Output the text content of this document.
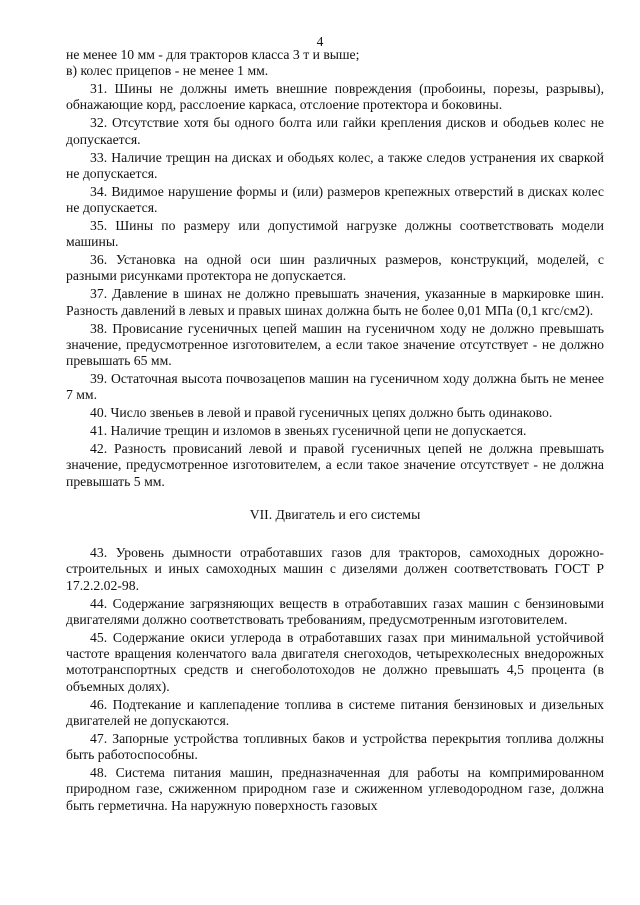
4

не менее 10 мм - для тракторов класса 3 т и выше;

в) колес прицепов - не менее 1 мм.

31. Шины не должны иметь внешние повреждения (пробоины, порезы, разрывы), обнажающие корд, расслоение каркаса, отслоение протектора и боковины.

32. Отсутствие хотя бы одного болта или гайки крепления дисков и ободьев колес не допускается.

33. Наличие трещин на дисках и ободьях колес, а также следов устранения их сваркой не допускается.

34. Видимое нарушение формы и (или) размеров крепежных отверстий в дисках колес не допускается.

35. Шины по размеру или допустимой нагрузке должны соответствовать модели машины.

36. Установка на одной оси шин различных размеров, конструкций, моделей, с разными рисунками протектора не допускается.

37. Давление в шинах не должно превышать значения, указанные в маркировке шин. Разность давлений в левых и правых шинах должна быть не более 0,01 МПа (0,1 кгс/см2).

38. Провисание гусеничных цепей машин на гусеничном ходу не должно превышать значение, предусмотренное изготовителем, а если такое значение отсутствует - не должно превышать 65 мм.

39. Остаточная высота почвозацепов машин на гусеничном ходу должна быть не менее 7 мм.

40. Число звеньев в левой и правой гусеничных цепях должно быть одинаково.

41. Наличие трещин и изломов в звеньях гусеничной цепи не допускается.

42. Разность провисаний левой и правой гусеничных цепей не должна превышать значение, предусмотренное изготовителем, а если такое значение отсутствует - не должна превышать 5 мм.

VII. Двигатель и его системы

43. Уровень дымности отработавших газов для тракторов, самоходных дорожно-строительных и иных самоходных машин с дизелями должен соответствовать ГОСТ Р 17.2.2.02-98.

44. Содержание загрязняющих веществ в отработавших газах машин с бензиновыми двигателями должно соответствовать требованиям, предусмотренным изготовителем.

45. Содержание окиси углерода в отработавших газах при минимальной устойчивой частоте вращения коленчатого вала двигателя снегоходов, четырехколесных внедорожных мототранспортных средств и снегоболотоходов не должно превышать 4,5 процента (в объемных долях).

46. Подтекание и каплепадение топлива в системе питания бензиновых и дизельных двигателей не допускаются.

47. Запорные устройства топливных баков и устройства перекрытия топлива должны быть работоспособны.

48. Система питания машин, предназначенная для работы на компримированном природном газе, сжиженном природном газе и сжиженном углеводородном газе, должна быть герметична. На наружную поверхность газовых
